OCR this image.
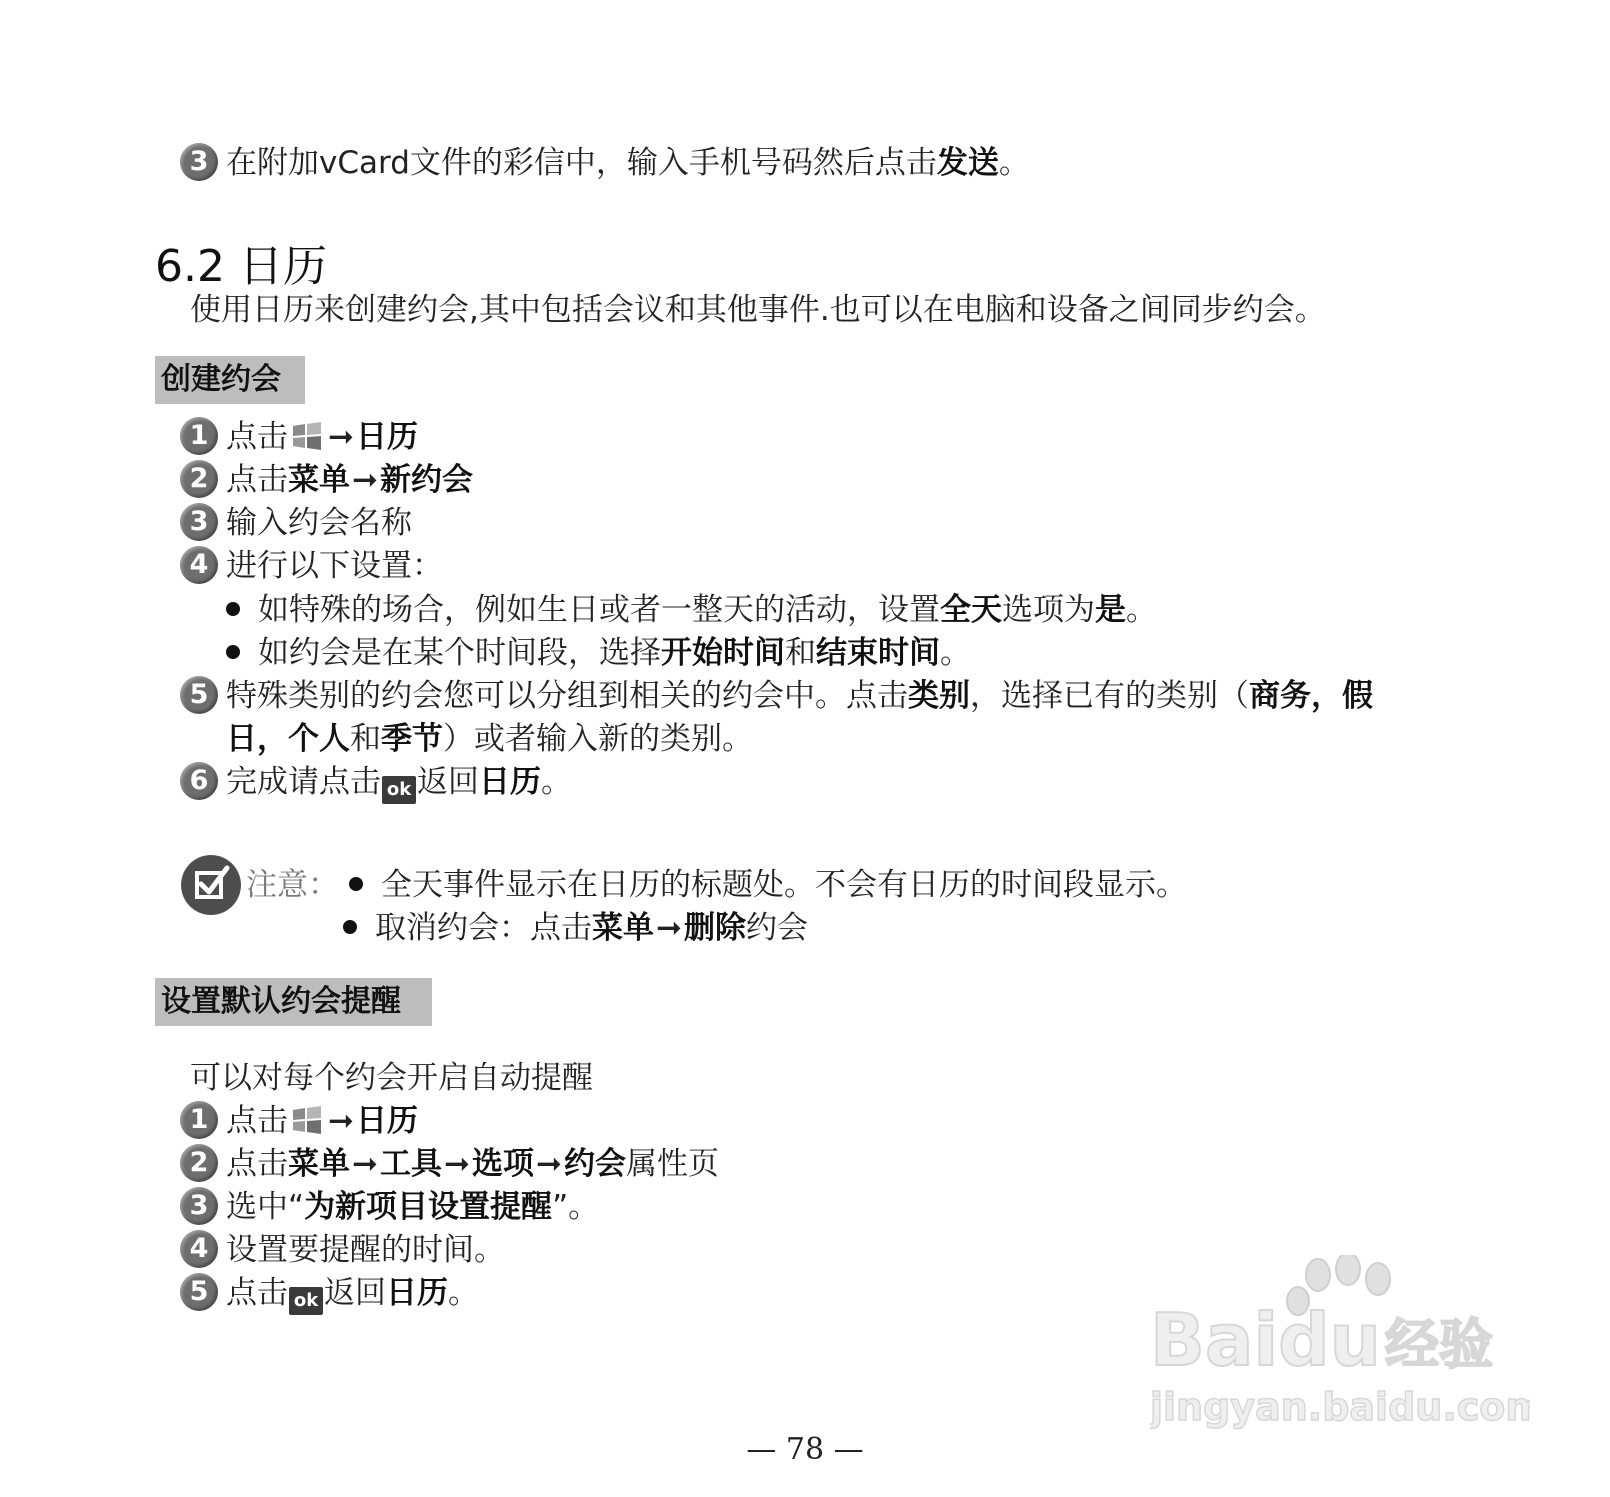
3 在附加vCard文件的彩信中，输入手机号码然后点击发送。
6.2 日历
使用日历来创建约会,其中包括会议和其他事件.也可以在电脑和设备之间同步约会。
创建约会
1 点击 ➞日历
2 点击菜单➞新约会
3 输入约会名称
4 进行以下设置：
如特殊的场合，例如生日或者一整天的活动，设置全天选项为是。
如约会是在某个时间段，选择开始时间和结束时间。
5 特殊类别的约会您可以分组到相关的约会中。点击类别，选择已有的类别（商务，假
日，个人和季节）或者输入新的类别。
6 完成请点击 ok 返回日历。
注意： 全天事件显示在日历的标题处。不会有日历的时间段显示。
取消约会：点击菜单➞删除约会
设置默认约会提醒
可以对每个约会开启自动提醒
1 点击 ➞日历
2 点击菜单➞工具➞选项➞约会属性页
3 选中“为新项目设置提醒”。
4 设置要提醒的时间。
5 点击 ok 返回日历。
Baidu 经验
jingyan.baidu.com
— 78 —
